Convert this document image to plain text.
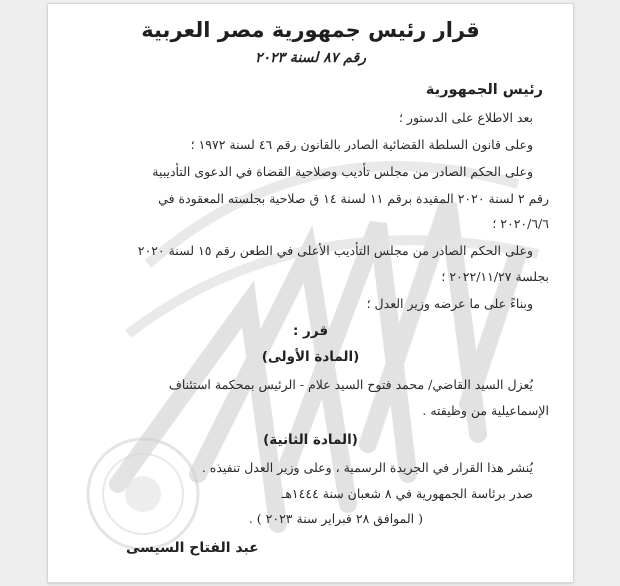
قرار رئيس جمهورية مصر العربية
رقم ٨٧ لسنة ٢٠٢٣
رئيس الجمهورية
بعد الاطلاع على الدستور ؛
وعلى قانون السلطة القضائية الصادر بالقانون رقم ٤٦ لسنة ١٩٧٢ ؛
وعلى الحكم الصادر من مجلس تأديب وصلاحية القضاة في الدعوى التأديبية
رقم ٢ لسنة ٢٠٢٠ المقيدة برقم ١١ لسنة ١٤ ق صلاحية بجلسته المعقودة في
٢٠٢٠/٦/٦ ؛
وعلى الحكم الصادر من مجلس التأديب الأعلى في الطعن رقم ١٥ لسنة ٢٠٢٠
بجلسة ٢٠٢٢/١١/٢٧ ؛
وبناءً على ما عرضه وزير العدل ؛
قرر :
(المادة الأولى)
يُعزل السيد القاضي/ محمد فتوح السيد علام - الرئيس بمحكمة استئناف
الإسماعيلية من وظيفته .
(المادة الثانية)
يُنشر هذا القرار في الجريدة الرسمية ، وعلى وزير العدل تنفيذه .
صدر برئاسة الجمهورية في ٨ شعبان سنة ١٤٤٤هـ
( الموافق ٢٨ فبراير سنة ٢٠٢٣ ) .
عبد الفتاح السيسى
